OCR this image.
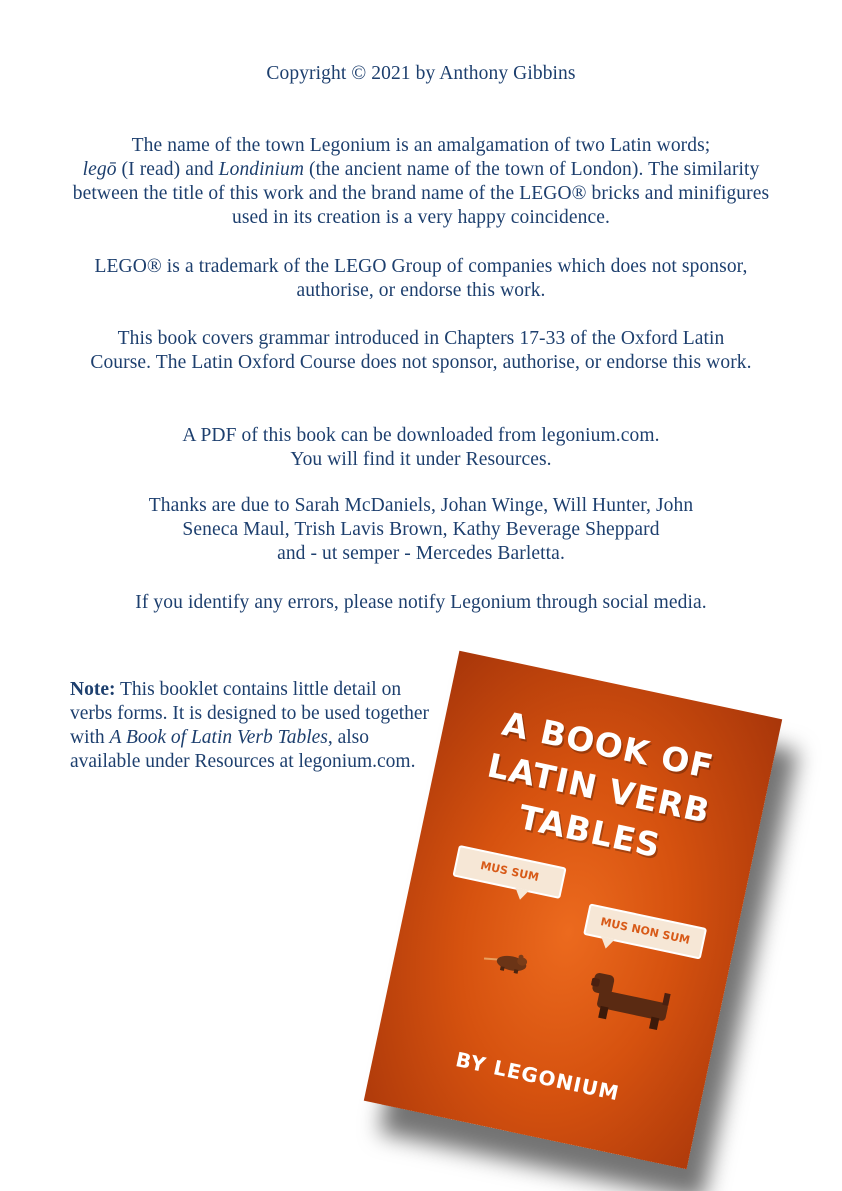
Copyright © 2021 by Anthony Gibbins

The name of the town Legonium is an amalgamation of two Latin words;
legō (I read) and Londinium (the ancient name of the town of London). The similarity between the title of this work and the brand name of the LEGO® bricks and minifigures used in its creation is a very happy coincidence.

LEGO® is a trademark of the LEGO Group of companies which does not sponsor, authorise, or endorse this work.

This book covers grammar introduced in Chapters 17-33 of the Oxford Latin Course. The Latin Oxford Course does not sponsor, authorise, or endorse this work.

A PDF of this book can be downloaded from legonium.com.
You will find it under Resources.

Thanks are due to Sarah McDaniels, Johan Winge, Will Hunter, John
Seneca Maul, Trish Lavis Brown, Kathy Beverage Sheppard
and - ut semper - Mercedes Barletta.

If you identify any errors, please notify Legonium through social media.

Note: This booklet contains little detail on verbs forms. It is designed to be used together with A Book of Latin Verb Tables, also available under Resources at legonium.com.	A BOOK OF
LATIN VERB
TABLES
MUS SUM
MUS NON SUM
BY LEGONIUM
